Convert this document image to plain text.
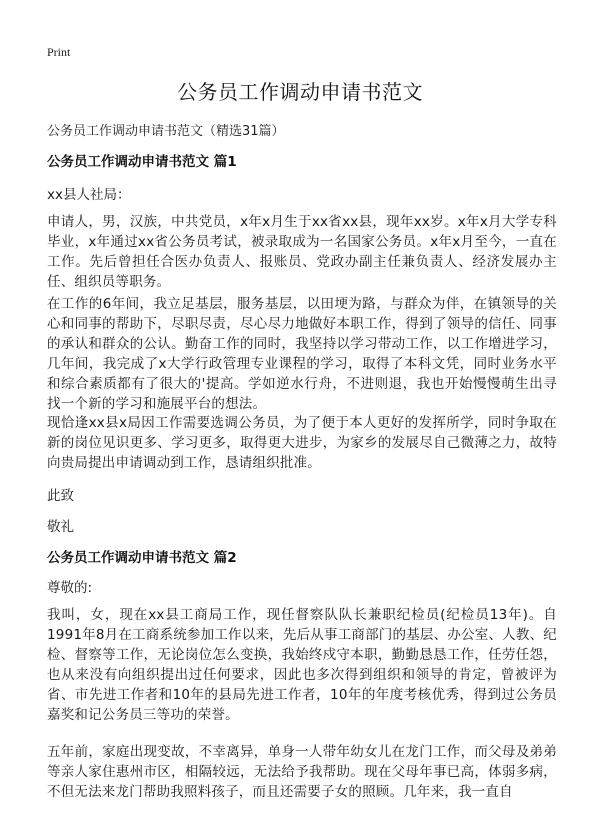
Print
公务员工作调动申请书范文
公务员工作调动申请书范文（精选31篇）
公务员工作调动申请书范文 篇1
xx县人社局：
申请人，男，汉族，中共党员，x年x月生于xx省xx县，现年xx岁。x年x月大学专科毕业，x年通过xx省公务员考试，被录取成为一名国家公务员。x年x月至今，一直在工作。先后曾担任合医办负责人、报账员、党政办副主任兼负责人、经济发展办主任、组织员等职务。
在工作的6年间，我立足基层，服务基层，以田埂为路，与群众为伴，在镇领导的关心和同事的帮助下，尽职尽责，尽心尽力地做好本职工作，得到了领导的信任、同事的承认和群众的公认。勤奋工作的同时，我坚持以学习带动工作，以工作增进学习，几年间，我完成了x大学行政管理专业课程的学习，取得了本科文凭，同时业务水平和综合素质都有了很大的'提高。学如逆水行舟，不进则退，我也开始慢慢萌生出寻找一个新的学习和施展平台的想法。
现恰逢xx县x局因工作需要选调公务员，为了便于本人更好的发挥所学，同时争取在新的岗位见识更多、学习更多，取得更大进步，为家乡的发展尽自己微薄之力，故特向贵局提出申请调动到工作，恳请组织批准。
此致
敬礼
公务员工作调动申请书范文 篇2
尊敬的:
我叫，女，现在xx县工商局工作，现任督察队队长兼职纪检员(纪检员13年)。自1991年8月在工商系统参加工作以来，先后从事工商部门的基层、办公室、人教、纪检、督察等工作，无论岗位怎么变换，我始终戍守本职，勤勤恳恳工作，任劳任怨，也从来没有向组织提出过任何要求，因此也多次得到组织和领导的肯定，曾被评为省、市先进工作者和10年的县局先进工作者，10年的年度考核优秀，得到过公务员嘉奖和记公务员三等功的荣誉。
五年前，家庭出现变故，不幸离异，单身一人带年幼女儿在龙门工作，而父母及弟弟等亲人家住惠州市区，相隔较远，无法给予我帮助。现在父母年事已高，体弱多病，不但无法来龙门帮助我照料孩子，而且还需要子女的照顾。几年来，我一直自
